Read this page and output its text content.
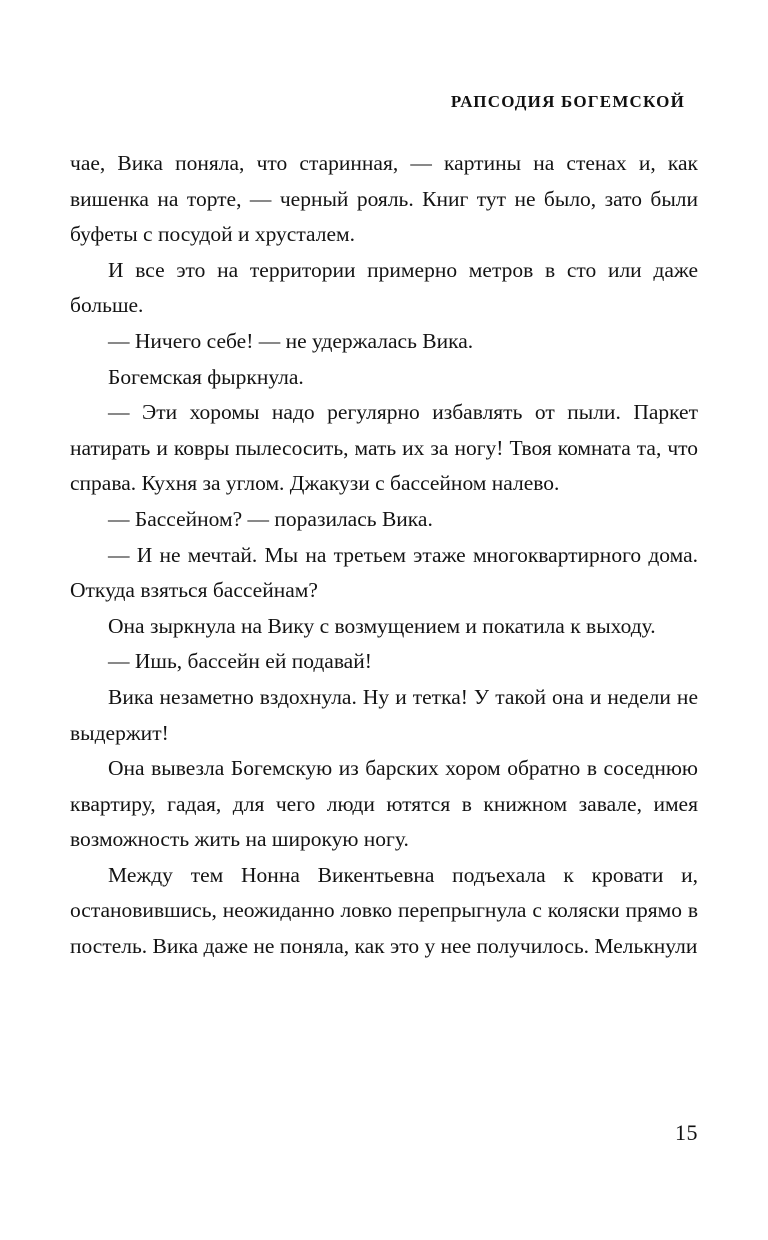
РАПСОДИЯ БОГЕМСКОЙ

чае, Вика поняла, что старинная, — картины на стенах и, как вишенка на торте, — черный рояль. Книг тут не было, зато были буфеты с посудой и хрусталем.

И все это на территории примерно метров в сто или даже больше.

— Ничего себе! — не удержалась Вика.

Богемская фыркнула.

— Эти хоромы надо регулярно избавлять от пыли. Паркет натирать и ковры пылесосить, мать их за ногу! Твоя комната та, что справа. Кухня за углом. Джакузи с бассейном налево.

— Бассейном? — поразилась Вика.

— И не мечтай. Мы на третьем этаже многоквартирного дома. Откуда взяться бассейнам?

Она зыркнула на Вику с возмущением и покатила к выходу.

— Ишь, бассейн ей подавай!

Вика незаметно вздохнула. Ну и тетка! У такой она и недели не выдержит!

Она вывезла Богемскую из барских хором обратно в соседнюю квартиру, гадая, для чего люди ютятся в книжном завале, имея возможность жить на широкую ногу.

Между тем Нонна Викентьевна подъехала к кровати и, остановившись, неожиданно ловко перепрыгнула с коляски прямо в постель. Вика даже не поняла, как это у нее получилось. Мелькнули

15
